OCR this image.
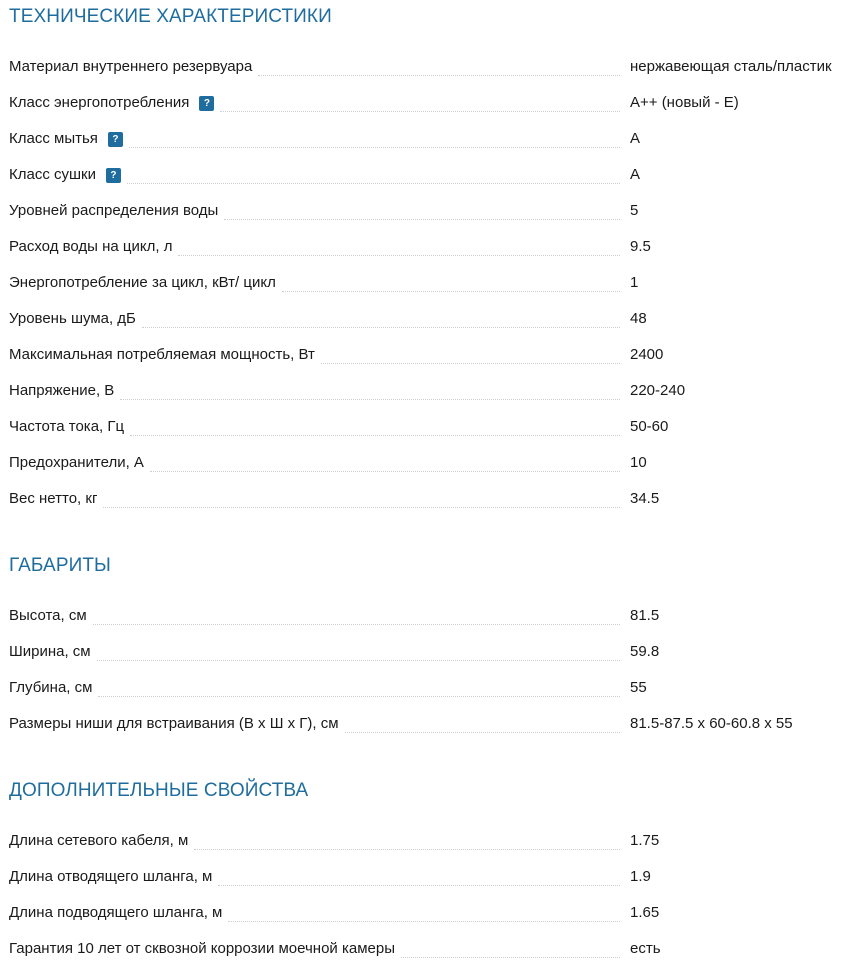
ТЕХНИЧЕСКИЕ ХАРАКТЕРИСТИКИ
Материал внутреннего резервуара	нержавеющая сталь/пластик
Класс энергопотребления	?	A++ (новый - E)
Класс мытья	?	A
Класс сушки	?	A
Уровней распределения воды	5
Расход воды на цикл, л	9.5
Энергопотребление за цикл, кВт/ цикл	1
Уровень шума, дБ	48
Максимальная потребляемая мощность, Вт	2400
Напряжение, В	220-240
Частота тока, Гц	50-60
Предохранители, А	10
Вес нетто, кг	34.5
ГАБАРИТЫ
Высота, см	81.5
Ширина, см	59.8
Глубина, см	55
Размеры ниши для встраивания (В х Ш х Г), см	81.5-87.5 x 60-60.8 x 55
ДОПОЛНИТЕЛЬНЫЕ СВОЙСТВА
Длина сетевого кабеля, м	1.75
Длина отводящего шланга, м	1.9
Длина подводящего шланга, м	1.65
Гарантия 10 лет от сквозной коррозии моечной камеры	есть
